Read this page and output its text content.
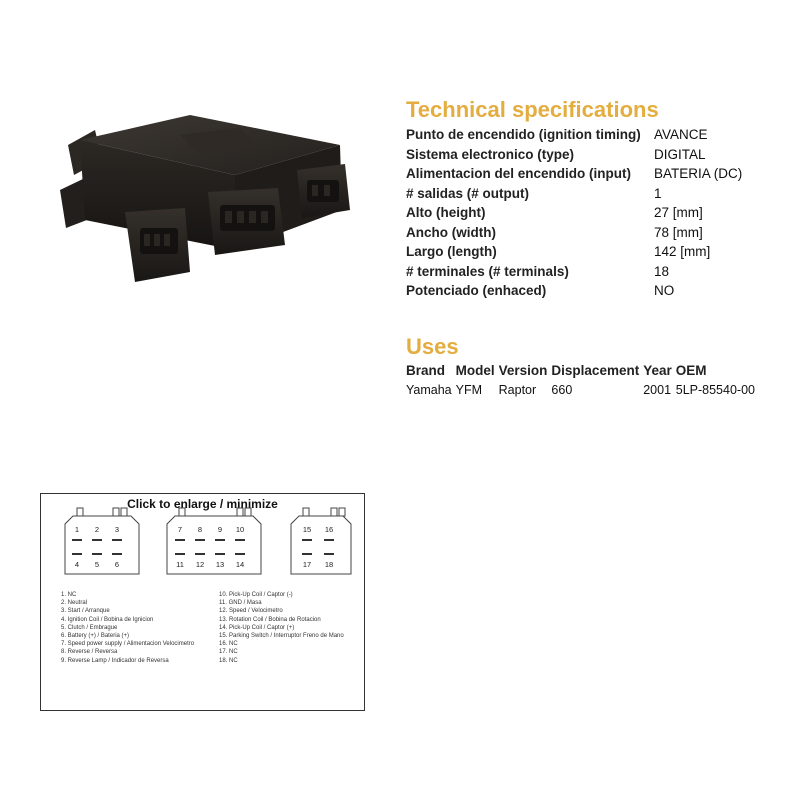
Technical specifications
Punto de encendido (ignition timing)	AVANCE
Sistema electronico (type)	DIGITAL
Alimentacion del encendido (input)	BATERIA (DC)
# salidas (# output)	1
Alto (height)	27 [mm]
Ancho (width)	78 [mm]
Largo (length)	142 [mm]
# terminales (# terminals)	18
Potenciado (enhaced)	NO
Uses
Brand	Model	Version	Displacement	Year	OEM
Yamaha	YFM	Raptor	660	2001	5LP-85540-00
Click to enlarge / minimize
1 2 3
4 5 6
7 8 9 10
11 12 13 14
15 16
17 18
1. NC
2. Neutral
3. Start / Arranque
4. Ignition Coil / Bobina de Ignicion
5. Clutch / Embrague
6. Battery (+) / Bateria (+)
7. Speed power supply / Alimentacion Velocimetro
8. Reverse / Reversa
9. Reverse Lamp / Indicador de Reversa
10. Pick-Up Coil / Captor (-)
11. GND / Masa
12. Speed / Velocimetro
13. Rotation Coil / Bobina de Rotacion
14. Pick-Up Coil / Captor (+)
15. Parking Switch / Interruptor Freno de Mano
16. NC
17. NC
18. NC
